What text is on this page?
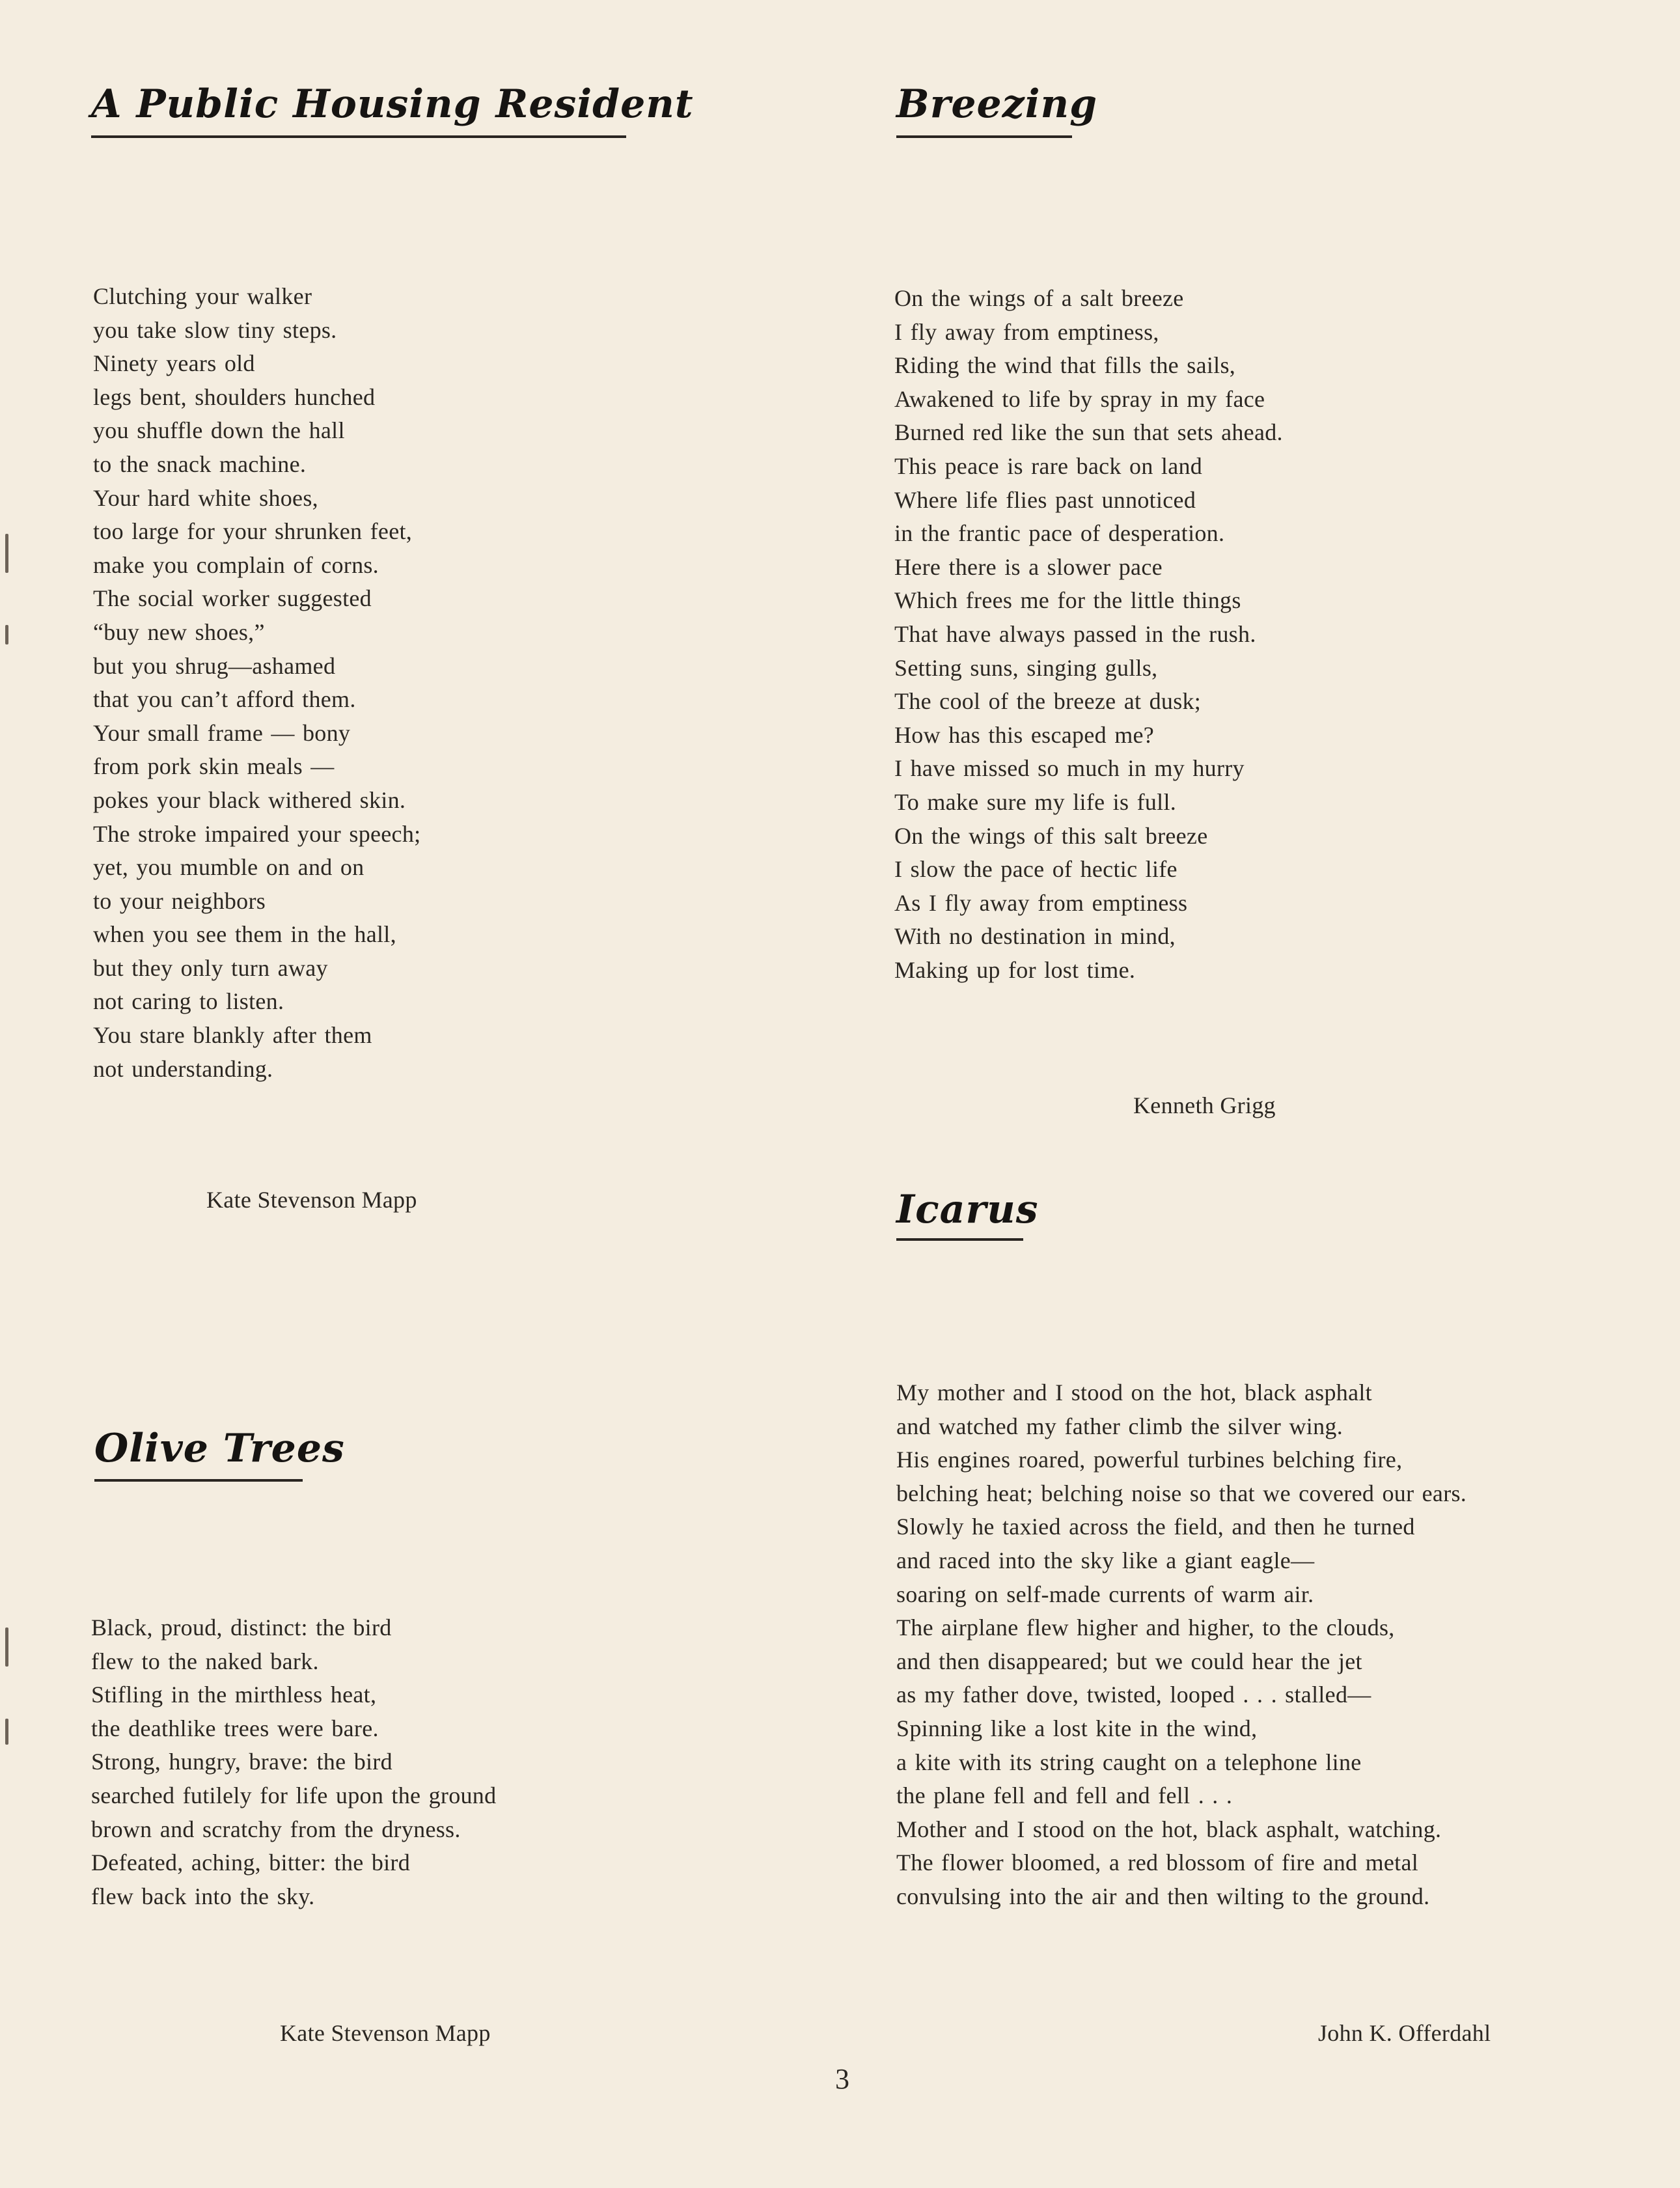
A Public Housing Resident
Clutching your walker
you take slow tiny steps.
Ninety years old
legs bent, shoulders hunched
you shuffle down the hall
to the snack machine.
Your hard white shoes,
too large for your shrunken feet,
make you complain of corns.
The social worker suggested
“buy new shoes,”
but you shrug—ashamed
that you can’t afford them.
Your small frame — bony
from pork skin meals —
pokes your black withered skin.
The stroke impaired your speech;
yet, you mumble on and on
to your neighbors
when you see them in the hall,
but they only turn away
not caring to listen.
You stare blankly after them
not understanding.
Kate Stevenson Mapp
Breezing
On the wings of a salt breeze
I fly away from emptiness,
Riding the wind that fills the sails,
Awakened to life by spray in my face
Burned red like the sun that sets ahead.
This peace is rare back on land
Where life flies past unnoticed
in the frantic pace of desperation.
Here there is a slower pace
Which frees me for the little things
That have always passed in the rush.
Setting suns, singing gulls,
The cool of the breeze at dusk;
How has this escaped me?
I have missed so much in my hurry
To make sure my life is full.
On the wings of this salt breeze
I slow the pace of hectic life
As I fly away from emptiness
With no destination in mind,
Making up for lost time.
Kenneth Grigg
Olive Trees
Black, proud, distinct: the bird
flew to the naked bark.
Stifling in the mirthless heat,
the deathlike trees were bare.
Strong, hungry, brave: the bird
searched futilely for life upon the ground
brown and scratchy from the dryness.
Defeated, aching, bitter: the bird
flew back into the sky.
Kate Stevenson Mapp
Icarus
My mother and I stood on the hot, black asphalt
and watched my father climb the silver wing.
His engines roared, powerful turbines belching fire,
belching heat; belching noise so that we covered our ears.
Slowly he taxied across the field, and then he turned
and raced into the sky like a giant eagle—
soaring on self-made currents of warm air.
The airplane flew higher and higher, to the clouds,
and then disappeared; but we could hear the jet
as my father dove, twisted, looped . . . stalled—
Spinning like a lost kite in the wind,
a kite with its string caught on a telephone line
the plane fell and fell and fell . . .
Mother and I stood on the hot, black asphalt, watching.
The flower bloomed, a red blossom of fire and metal
convulsing into the air and then wilting to the ground.
John K. Offerdahl
3
